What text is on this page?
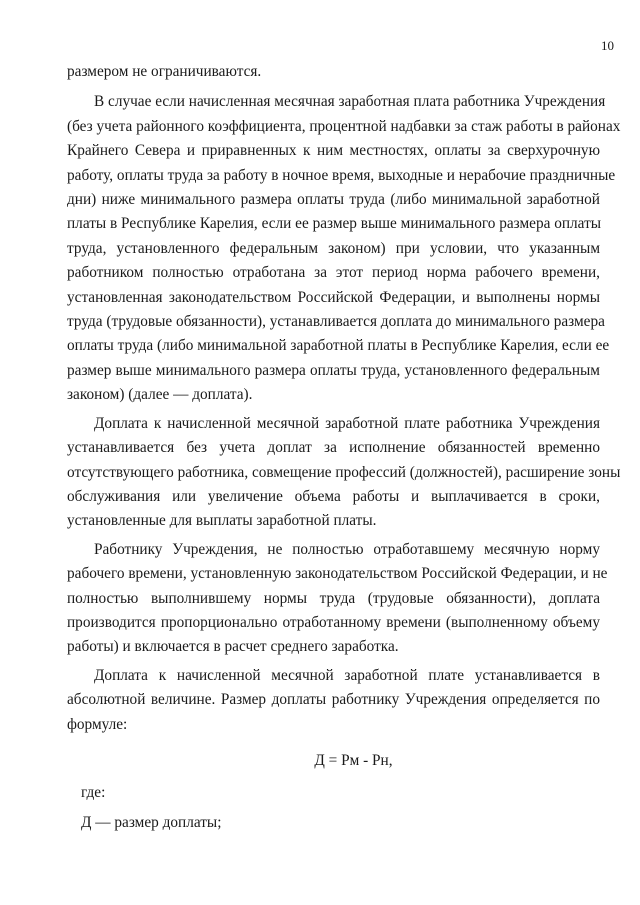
10
размером не ограничиваются.
В случае если начисленная месячная заработная плата работника Учреждения
(без учета районного коэффициента, процентной надбавки за стаж работы в районах
Крайнего Севера и приравненных к ним местностях, оплаты за сверхурочную
работу, оплаты труда за работу в ночное время, выходные и нерабочие праздничные
дни) ниже минимального размера оплаты труда (либо минимальной заработной
платы в Республике Карелия, если ее размер выше минимального размера оплаты
труда, установленного федеральным законом) при условии, что указанным
работником полностью отработана за этот период норма рабочего времени,
установленная законодательством Российской Федерации, и выполнены нормы
труда (трудовые обязанности), устанавливается доплата до минимального размера
оплаты труда (либо минимальной заработной платы в Республике Карелия, если ее
размер выше минимального размера оплаты труда, установленного федеральным
законом) (далее — доплата).
Доплата к начисленной месячной заработной плате работника Учреждения
устанавливается без учета доплат за исполнение обязанностей временно
отсутствующего работника, совмещение профессий (должностей), расширение зоны
обслуживания или увеличение объема работы и выплачивается в сроки,
установленные для выплаты заработной платы.
Работнику Учреждения, не полностью отработавшему месячную норму
рабочего времени, установленную законодательством Российской Федерации, и не
полностью выполнившему нормы труда (трудовые обязанности), доплата
производится пропорционально отработанному времени (выполненному объему
работы) и включается в расчет среднего заработка.
Доплата к начисленной месячной заработной плате устанавливается в
абсолютной величине. Размер доплаты работнику Учреждения определяется по
формуле:
Д = Рм - Рн,
где:
Д — размер доплаты;
